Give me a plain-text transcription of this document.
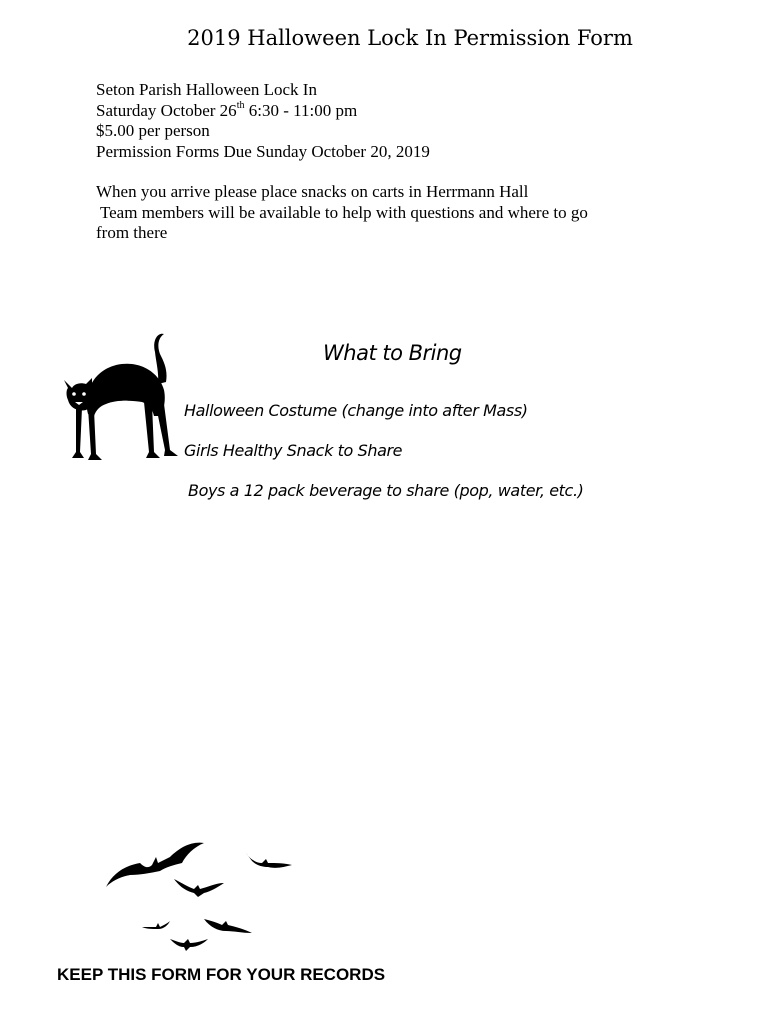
2019 Halloween Lock In Permission Form
Seton Parish Halloween Lock In
Saturday October 26th 6:30 - 11:00 pm
$5.00 per person
Permission Forms Due Sunday October 20, 2019
When you arrive please place snacks on carts in Herrmann Hall
Team members will be available to help with questions and where to go
from there
What to Bring
Halloween Costume (change into after Mass)
Girls Healthy Snack to Share
Boys a 12 pack beverage to share (pop, water, etc.)
KEEP THIS FORM FOR YOUR RECORDS
